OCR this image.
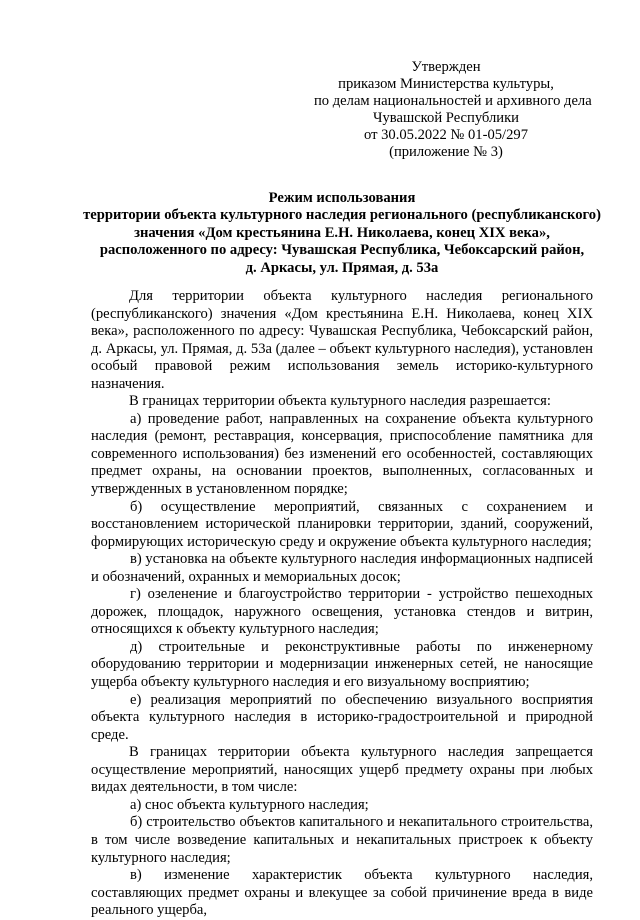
Утвержден
приказом Министерства культуры,
по делам национальностей и архивного дела
Чувашской Республики
от 30.05.2022 № 01-05/297
(приложение № 3)
Режим использования
территории объекта культурного наследия регионального (республиканского)
значения «Дом крестьянина Е.Н. Николаева, конец XIX века»,
расположенного по адресу: Чувашская Республика, Чебоксарский район,
д. Аркасы, ул. Прямая, д. 53а

Для территории объекта культурного наследия регионального (республиканского) значения «Дом крестьянина Е.Н. Николаева, конец XIX века», расположенного по адресу: Чувашская Республика, Чебоксарский район, д. Аркасы, ул. Прямая, д. 53а (далее – объект культурного наследия), установлен особый правовой режим использования земель историко-культурного назначения.

В границах территории объекта культурного наследия разрешается:

а) проведение работ, направленных на сохранение объекта культурного наследия (ремонт, реставрация, консервация, приспособление памятника для современного использования) без изменений его особенностей, составляющих предмет охраны, на основании проектов, выполненных, согласованных и утвержденных в установленном порядке;

б) осуществление мероприятий, связанных с сохранением и восстановлением исторической планировки территории, зданий, сооружений, формирующих историческую среду и окружение объекта культурного наследия;

в) установка на объекте культурного наследия информационных надписей и обозначений, охранных и мемориальных досок;

г) озеленение и благоустройство территории - устройство пешеходных дорожек, площадок, наружного освещения, установка стендов и витрин, относящихся к объекту культурного наследия;

д) строительные и реконструктивные работы по инженерному оборудованию территории и модернизации инженерных сетей, не наносящие ущерба объекту культурного наследия и его визуальному восприятию;

е) реализация мероприятий по обеспечению визуального восприятия объекта культурного наследия в историко-градостроительной и природной среде.

В границах территории объекта культурного наследия запрещается осуществление мероприятий, наносящих ущерб предмету охраны при любых видах деятельности, в том числе:

а) снос объекта культурного наследия;

б) строительство объектов капитального и некапитального строительства, в том числе возведение капитальных и некапитальных пристроек к объекту культурного наследия;

в) изменение характеристик объекта культурного наследия, составляющих предмет охраны и влекущее за собой причинение вреда в виде реального ущерба,
